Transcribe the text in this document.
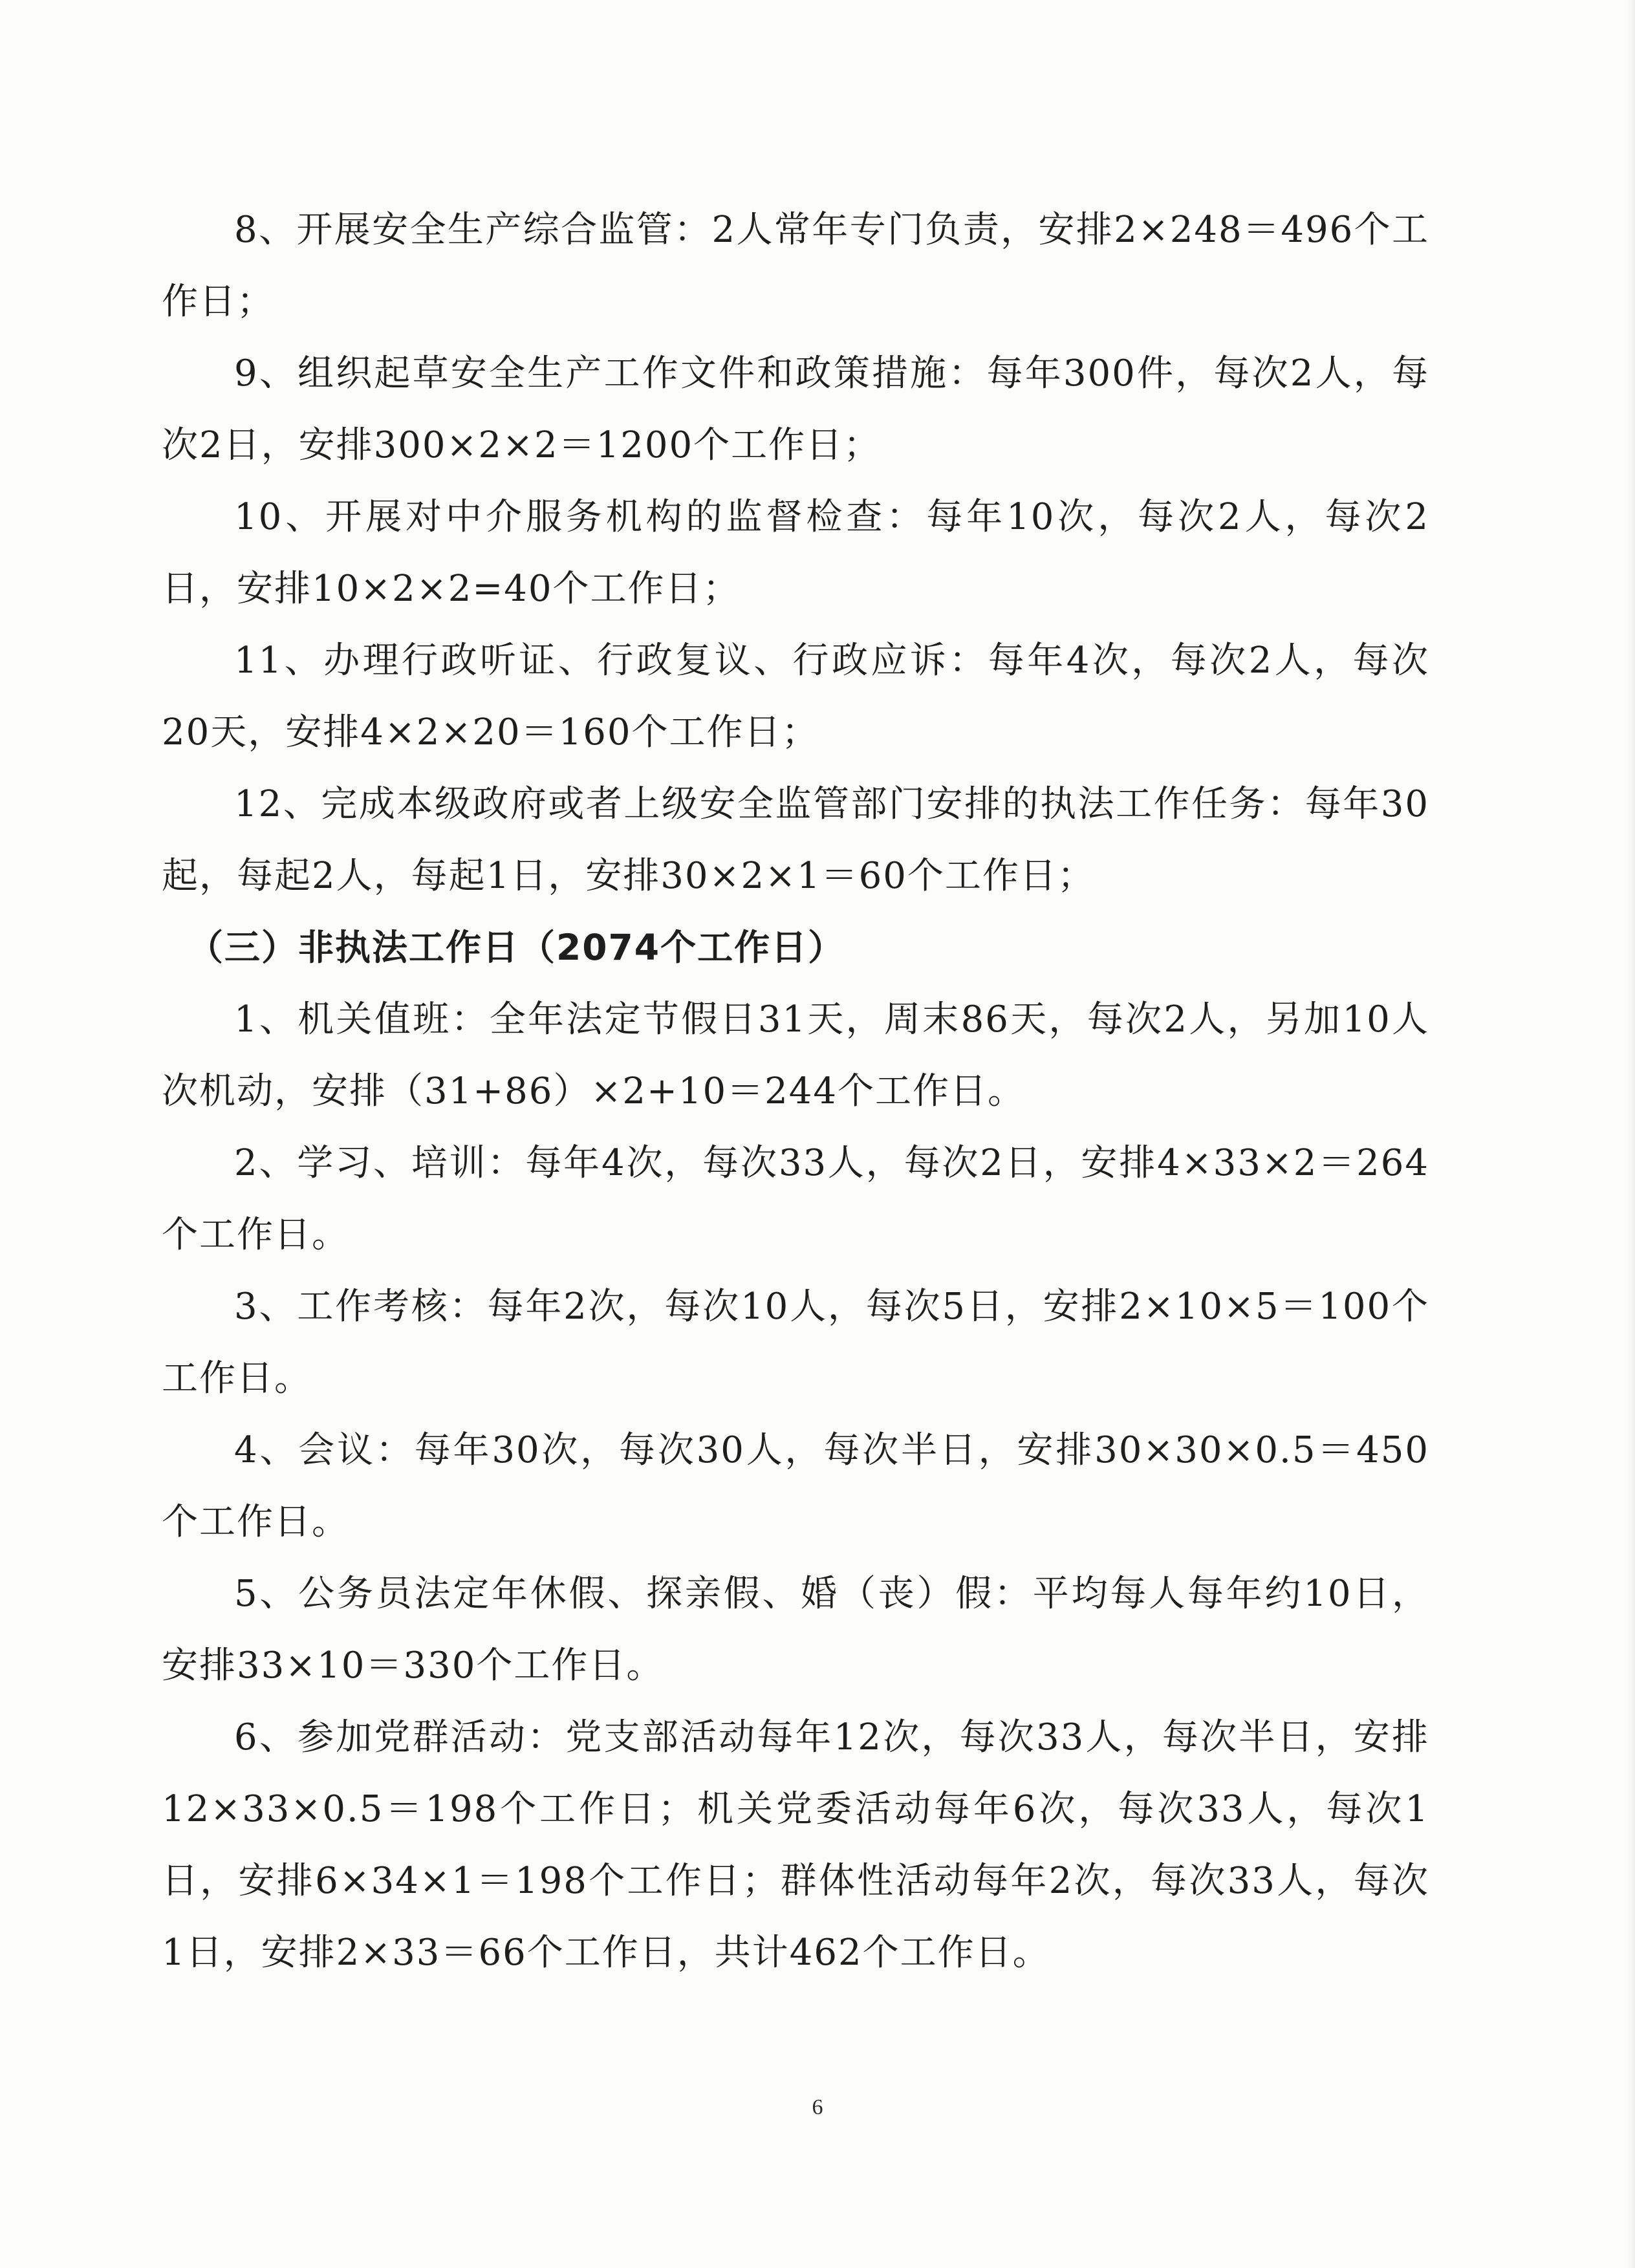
8、开展安全生产综合监管：2人常年专门负责，安排2×248＝496个工作日；

9、组织起草安全生产工作文件和政策措施：每年300件，每次2人，每次2日，安排300×2×2＝1200个工作日；

10、开展对中介服务机构的监督检查：每年10次，每次2人，每次2日，安排10×2×2=40个工作日；

11、办理行政听证、行政复议、行政应诉：每年4次，每次2人，每次20天，安排4×2×20＝160个工作日；

12、完成本级政府或者上级安全监管部门安排的执法工作任务：每年30起，每起2人，每起1日，安排30×2×1＝60个工作日；

（三）非执法工作日（2074个工作日）

1、机关值班：全年法定节假日31天，周末86天，每次2人，另加10人次机动，安排（31+86）×2+10＝244个工作日。

2、学习、培训：每年4次，每次33人，每次2日，安排4×33×2＝264个工作日。

3、工作考核：每年2次，每次10人，每次5日，安排2×10×5＝100个工作日。

4、会议：每年30次，每次30人，每次半日，安排30×30×0.5＝450个工作日。

5、公务员法定年休假、探亲假、婚（丧）假：平均每人每年约10日，安排33×10＝330个工作日。

6、参加党群活动：党支部活动每年12次，每次33人，每次半日，安排12×33×0.5＝198个工作日；机关党委活动每年6次，每次33人，每次1日，安排6×34×1＝198个工作日；群体性活动每年2次，每次33人，每次1日，安排2×33＝66个工作日，共计462个工作日。

6
